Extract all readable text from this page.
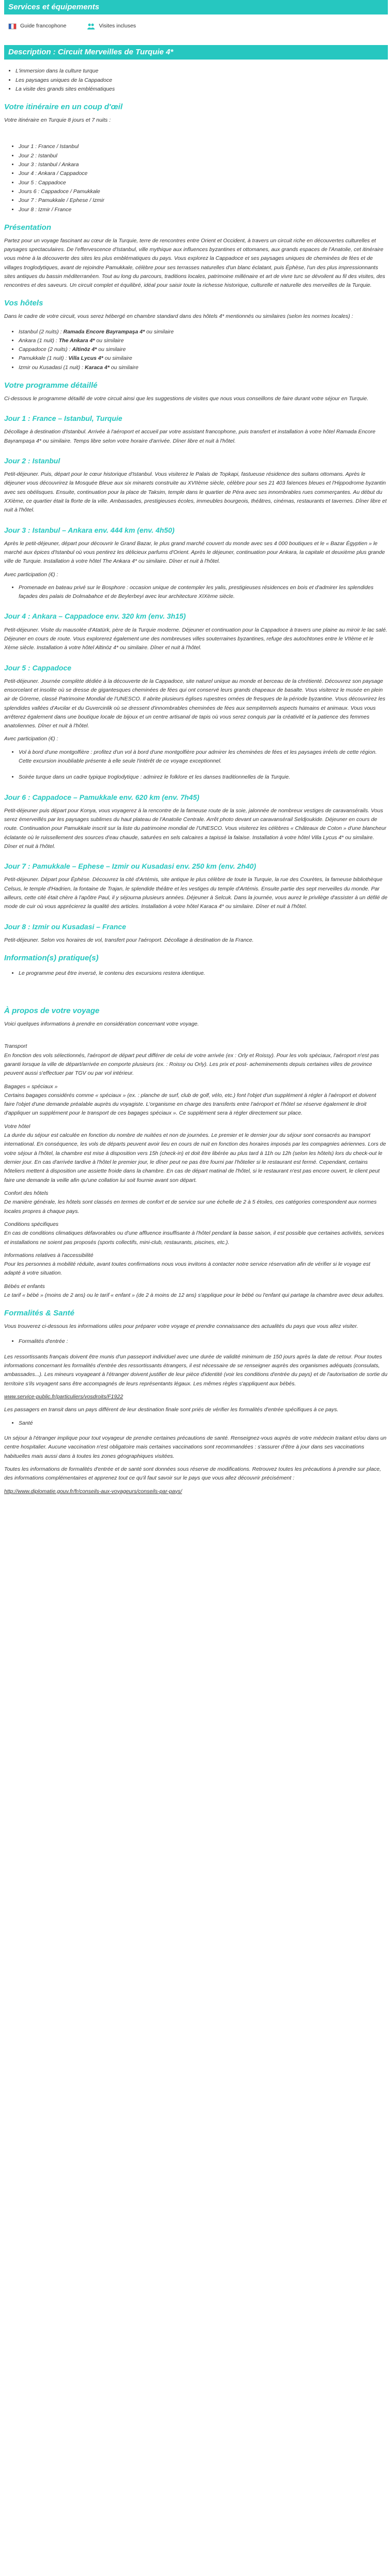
Services et équipements
Guide francophone	Visites incluses
Description : Circuit Merveilles de Turquie 4*
• L'immersion dans la culture turque
• Les paysages uniques de la Cappadoce
• La visite des grands sites emblématiques
Votre itinéraire en un coup d'œil

Votre itinéraire en Turquie 8 jours et 7 nuits :

• Jour 1 : France / Istanbul
• Jour 2 : Istanbul
• Jour 3 : Istanbul / Ankara
• Jour 4 : Ankara / Cappadoce
• Jour 5 : Cappadoce
• Jours 6 : Cappadoce / Pamukkale
• Jour 7 : Pamukkale / Ephese / Izmir
• Jour 8 : Izmir / France
Présentation

Partez pour un voyage fascinant au cœur de la Turquie, terre de rencontres entre Orient et Occident, à travers un circuit riche en découvertes culturelles et paysages spectaculaires. De l'effervescence d'Istanbul, ville mythique aux influences byzantines et ottomanes, aux grands espaces de l'Anatolie, cet itinéraire vous mène à la découverte des sites les plus emblématiques du pays. Vous explorez la Cappadoce et ses paysages uniques de cheminées de fées et de villages troglodytiques, avant de rejoindre Pamukkale, célèbre pour ses terrasses naturelles d'un blanc éclatant, puis Éphèse, l'un des plus impressionnants sites antiques du bassin méditerranéen. Tout au long du parcours, traditions locales, patrimoine millénaire et art de vivre turc se dévoilent au fil des visites, des rencontres et des saveurs. Un circuit complet et équilibré, idéal pour saisir toute la richesse historique, culturelle et naturelle des merveilles de la Turquie.

Vos hôtels

Dans le cadre de votre circuit, vous serez hébergé en chambre standard dans des hôtels 4* mentionnés ou similaires (selon les normes locales) :

• Istanbul (2 nuits) : Ramada Encore Bayrampaşa 4* ou similaire
• Ankara (1 nuit) : The Ankara 4* ou similaire
• Cappadoce (2 nuits) : Altinöz 4* ou similaire
• Pamukkale (1 nuit) : Villa Lycus 4* ou similaire
• Izmir ou Kusadasi (1 nuit) : Karaca 4* ou similaire
Votre programme détaillé

Ci-dessous le programme détaillé de votre circuit ainsi que les suggestions de visites que nous vous conseillons de faire durant votre séjour en Turquie.

Jour 1 : France – Istanbul, Turquie

Décollage à destination d'Istanbul. Arrivée à l'aéroport et accueil par votre assistant francophone, puis transfert et installation à votre hôtel Ramada Encore Bayrampaşa 4* ou similaire. Temps libre selon votre horaire d'arrivée. Dîner libre et nuit à l'hôtel.

Jour 2 : Istanbul

Petit-déjeuner. Puis, départ pour le cœur historique d'Istanbul. Vous visiterez le Palais de Topkapi, fastueuse résidence des sultans ottomans. Après le déjeuner vous découvrirez la Mosquée Bleue aux six minarets construite au XVIIème siècle, célèbre pour ses 21 403 faïences bleues et l'Hippodrome byzantin avec ses obélisques. Ensuite, continuation pour la place de Taksim, temple dans le quartier de Péra avec ses innombrables rues commerçantes. Au début du XXième, ce quartier était la florte de la ville. Ambassades, prestigieuses écoles, immeubles bourgeois, théâtres, cinémas, restaurants et tavernes. Dîner libre et nuit à l'hôtel.

Jour 3 : Istanbul – Ankara env. 444 km (env. 4h50)

Après le petit-déjeuner, départ pour découvrir le Grand Bazar, le plus grand marché couvert du monde avec ses 4 000 boutiques et le « Bazar Égyptien » le marché aux épices d'Istanbul où vous pentirez les délicieux parfums d'Orient. Après le déjeuner, continuation pour Ankara, la capitale et deuxième plus grande ville de Turquie. Installation à votre hôtel The Ankara 4* ou similaire. Dîner et nuit à l'hôtel.

Avec participation (€) :

• Promenade en bateau privé sur le Bosphore : occasion unique de contempler les yalis, prestigieuses résidences en bois et d'admirer les splendides façades des palais de Dolmabahce et de Beylerbeyi avec leur architecture XIXème siècle.
Jour 4 : Ankara – Cappadoce env. 320 km (env. 3h15)

Petit-déjeuner. Visite du mausolée d'Atatürk, père de la Turquie moderne. Déjeuner et continuation pour la Cappadoce à travers une plaine au miroir le lac salé. Déjeuner en cours de route. Vous explorerez également une des nombreuses villes souterraines byzantines, refuge des autochtones entre le VIIème et le Xème siècle. Installation à votre hôtel Altinöz 4* ou similaire. Dîner et nuit à l'hôtel.

Jour 5 : Cappadoce

Petit-déjeuner. Journée complète dédiée à la découverte de la Cappadoce, site naturel unique au monde et berceau de la chrétienté. Découvrez son paysage ensorcelant et insolite où se dresse de gigantesques cheminées de fées qui ont conservé leurs grands chapeaux de basalte. Vous visiterez le musée en plein air de Göreme, classé Patrimoine Mondial de l'UNESCO. Il abrite plusieurs églises rupestres ornées de fresques de la période byzantine. Vous découvrirez les splendides vallées d'Avcilar et du Guvercinlik où se dressent d'innombrables cheminées de fées aux sempiternels aspects humains et animaux. Vous vous arrêterez également dans une boutique locale de bijoux et un centre artisanal de tapis où vous serez conquis par la créativité et la patience des femmes anatoliennes. Dîner et nuit à l'hôtel.

Avec participation (€) :

• Vol à bord d'une montgolfière : profitez d'un vol à bord d'une montgolfière pour admirer les cheminées de fées et les paysages irréels de cette région. Cette excursion inoubliable présente à elle seule l'intérêt de ce voyage exceptionnel.
• Soirée turque dans un cadre typique troglodytique : admirez le folklore et les danses traditionnelles de la Turquie.
Jour 6 : Cappadoce – Pamukkale env. 620 km (env. 7h45)

Petit-déjeuner puis départ pour Konya, vous voyagerez à la rencontre de la fameuse route de la soie, jalonnée de nombreux vestiges de caravansérails. Vous serez émerveillés par les paysages sublimes du haut plateau de l'Anatolie Centrale. Arrêt photo devant un caravansérail Seldjoukide. Déjeuner en cours de route. Continuation pour Pamukkale inscrit sur la liste du patrimoine mondial de l'UNESCO. Vous visiterez les célèbres « Châteaux de Coton » d'une blancheur éclatante où le ruissellement des sources d'eau chaude, saturées en sels calcaires a tapissé la falaise. Installation à votre hôtel Villa Lycus 4* ou similaire. Dîner et nuit à l'hôtel.

Jour 7 : Pamukkale – Ephese – Izmir ou Kusadasi env. 250 km (env. 2h40)

Petit-déjeuner. Départ pour Éphèse. Découvrez la cité d'Artémis, site antique le plus célèbre de toute la Turquie, la rue des Courètes, la fameuse bibliothèque Celsus, le temple d'Hadrien, la fontaine de Trajan, le splendide théâtre et les vestiges du temple d'Artémis. Ensuite partie des sept merveilles du monde. Par ailleurs, cette cité était chère à l'apôtre Paul, il y séjourna plusieurs années. Déjeuner à Selcuk. Dans la journée, vous aurez le privilège d'assister à un défilé de mode de cuir où vous apprécierez la qualité des articles. Installation à votre hôtel Karaca 4* ou similaire. Dîner et nuit à l'hôtel.

Jour 8 : Izmir ou Kusadasi – France

Petit-déjeuner. Selon vos horaires de vol, transfert pour l'aéroport. Décollage à destination de la France.

Information(s) pratique(s)
• Le programme peut être inversé, le contenu des excursions restera identique.
À propos de votre voyage

Voici quelques informations à prendre en considération concernant votre voyage.

Transport

En fonction des vols sélectionnés, l'aéroport de départ peut différer de celui de votre arrivée (ex : Orly et Roissy). Pour les vols spéciaux, l'aéroport n'est pas garanti lorsque la ville de départ/arrivée en comporte plusieurs (ex. : Roissy ou Orly). Les prix et post- acheminements depuis certaines villes de province peuvent aussi s'effectuer par TGV ou par vol intérieur.

Bagages « spéciaux »

Certains bagages considérés comme « spéciaux » (ex. : planche de surf, club de golf, vélo, etc.) font l'objet d'un supplément à régler à l'aéroport et doivent faire l'objet d'une demande préalable auprès du voyagiste. L'organisme en charge des transferts entre l'aéroport et l'hôtel se réserve également le droit d'appliquer un supplément pour le transport de ces bagages spéciaux ». Ce supplément sera à régler directement sur place.

Votre hôtel

La durée du séjour est calculée en fonction du nombre de nuitées et non de journées. Le premier et le dernier jour du séjour sont consacrés au transport international. En conséquence, les vols de départs peuvent avoir lieu en cours de nuit en fonction des horaires imposés par les compagnies aériennes. Lors de votre séjour à l'hôtel, la chambre est mise à disposition vers 15h (check-in) et doit être libérée au plus tard à 11h ou 12h (selon les hôtels) lors du check-out le dernier jour. En cas d'arrivée tardive à l'hôtel le premier jour, le dîner peut ne pas être fourni par l'hôtelier si le restaurant est fermé. Cependant, certains hôteliers mettent à disposition une assiette froide dans la chambre. En cas de départ matinal de l'hôtel, si le restaurant n'est pas encore ouvert, le client peut faire une demande la veille afin qu'une collation lui soit fournie avant son départ.

Confort des hôtels

De manière générale, les hôtels sont classés en termes de confort et de service sur une échelle de 2 à 5 étoiles, ces catégories correspondent aux normes locales propres à chaque pays.

Conditions spécifiques

En cas de conditions climatiques défavorables ou d'une affluence insuffisante à l'hôtel pendant la basse saison, il est possible que certaines activités, services et installations ne soient pas proposés (sports collectifs, mini-club, restaurants, piscines, etc.).

Informations relatives à l'accessibilité

Pour les personnes à mobilité réduite, avant toutes confirmations nous vous invitons à contacter notre service réservation afin de vérifier si le voyage est adapté à votre situation.

Bébés et enfants

Le tarif « bébé » (moins de 2 ans) ou le tarif « enfant » (de 2 à moins de 12 ans) s'applique pour le bébé ou l'enfant qui partage la chambre avec deux adultes.

Formalités & Santé

Vous trouverez ci-dessous les informations utiles pour préparer votre voyage et prendre connaissance des actualités du pays que vous allez visiter.

• Formalités d'entrée :

Les ressortissants français doivent être munis d'un passeport individuel avec une durée de validité minimum de 150 jours après la date de retour. Pour toutes informations concernant les formalités d'entrée des ressortissants étrangers, il est nécessaire de se renseigner auprès des organismes adéquats (consulats, ambassades...). Les mineurs voyageant à l'étranger doivent justifier de leur pièce d'identité (voir les conditions d'entrée du pays) et de l'autorisation de sortie du territoire s'ils voyagent sans être accompagnés de leurs représentants légaux. Les mêmes règles s'appliquent aux bébés.

www.service-public.fr/particuliers/vosdroits/F1922

Les passagers en transit dans un pays différent de leur destination finale sont priés de vérifier les formalités d'entrée spécifiques à ce pays.

• Santé

Un séjour à l'étranger implique pour tout voyageur de prendre certaines précautions de santé. Renseignez-vous auprès de votre médecin traitant et/ou dans un centre hospitalier. Aucune vaccination n'est obligatoire mais certaines vaccinations sont recommandées : s'assurer d'être à jour dans ses vaccinations habituelles mais aussi dans à toutes les zones géographiques visitées.

Toutes les informations de formalités d'entrée et de santé sont données sous réserve de modifications. Retrouvez toutes les précautions à prendre sur place, des informations complémentaires et apprenez tout ce qu'il faut savoir sur le pays que vous allez découvrir précisément :

http://www.diplomatie.gouv.fr/fr/conseils-aux-voyageurs/conseils-par-pays/
